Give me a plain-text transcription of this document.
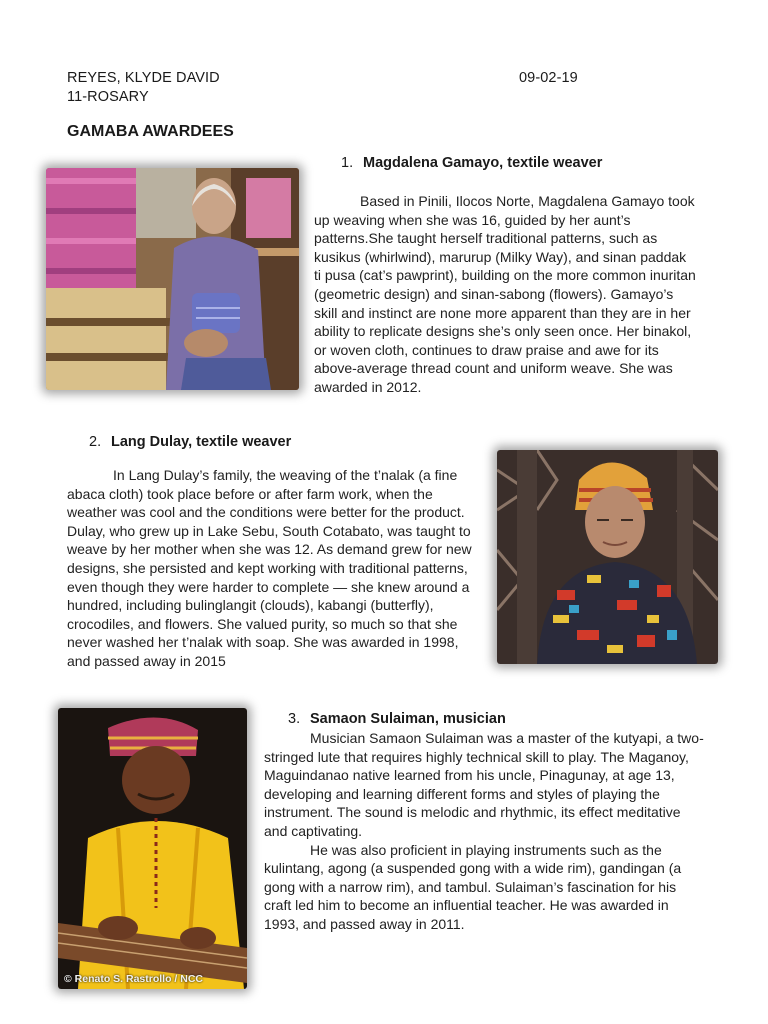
REYES, KLYDE DAVID	09-02-19
11-ROSARY
GAMABA AWARDEES
1. Magdalena Gamayo, textile weaver

Based in Pinili, Ilocos Norte, Magdalena Gamayo took up weaving when she was 16, guided by her aunt’s patterns.She taught herself traditional patterns, such as kusikus (whirlwind), marurup (Milky Way), and sinan paddak ti pusa (cat’s pawprint), building on the more common inuritan (geometric design) and sinan-sabong (flowers). Gamayo’s skill and instinct are none more apparent than they are in her ability to replicate designs she’s only seen once. Her binakol, or woven cloth, continues to draw praise and awe for its above-average thread count and uniform weave. She was awarded in 2012.

2. Lang Dulay, textile weaver

In Lang Dulay’s family, the weaving of the t’nalak (a fine abaca cloth) took place before or after farm work, when the weather was cool and the conditions were better for the product. Dulay, who grew up in Lake Sebu, South Cotabato, was taught to weave by her mother when she was 12. As demand grew for new designs, she persisted and kept working with traditional patterns, even though they were harder to complete — she knew around a hundred, including bulinglangit (clouds), kabangi (butterfly), crocodiles, and flowers. She valued purity, so much so that she never washed her t’nalak with soap. She was awarded in 1998, and passed away in 2015

© Renato S. Rastrollo / NCC
3. Samaon Sulaiman, musician

Musician Samaon Sulaiman was a master of the kutyapi, a two-stringed lute that requires highly technical skill to play. The Maganoy, Maguindanao native learned from his uncle, Pinagunay, at age 13, developing and learning different forms and styles of playing the instrument. The sound is melodic and rhythmic, its effect meditative and captivating.

He was also proficient in playing instruments such as the kulintang, agong (a suspended gong with a wide rim), gandingan (a gong with a narrow rim), and tambul. Sulaiman’s fascination for his craft led him to become an influential teacher. He was awarded in 1993, and passed away in 2011.
